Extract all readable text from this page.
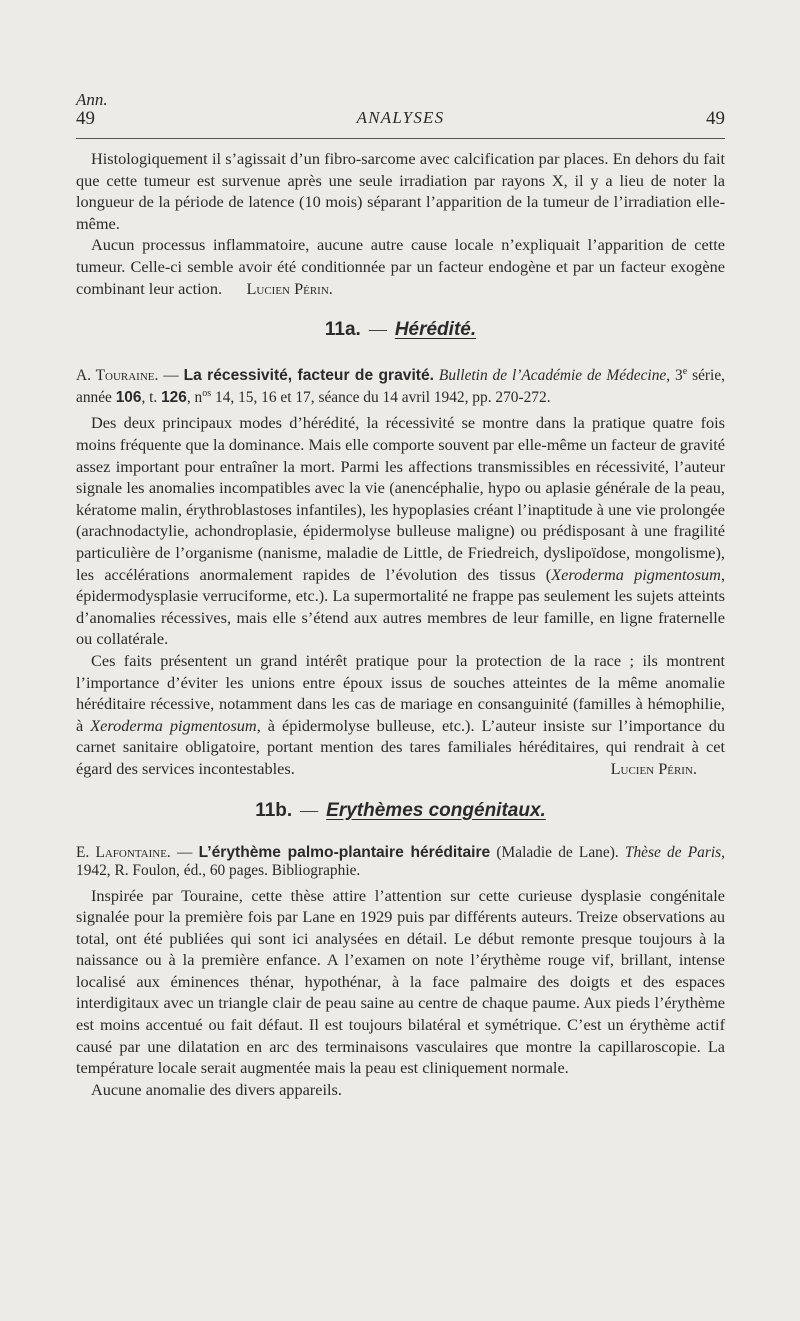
Ann.
49	ANALYSES	49

Histologiquement il s’agissait d’un fibro-sarcome avec calcification par places. En dehors du fait que cette tumeur est survenue après une seule irradiation par rayons X, il y a lieu de noter la longueur de la période de latence (10 mois) séparant l’apparition de la tumeur de l’irradiation elle-même.

Aucun processus inflammatoire, aucune autre cause locale n’expliquait l’apparition de cette tumeur. Celle-ci semble avoir été conditionnée par un facteur endogène et par un facteur exogène combinant leur action. Lucien Périn.

11a. — Hérédité.

A. Touraine. — La récessivité, facteur de gravité. Bulletin de l’Académie de Médecine, 3e série, année 106, t. 126, $n^{os}$ 14, 15, 16 et 17, séance du 14 avril 1942, pp. 270-272.

Des deux principaux modes d’hérédité, la récessivité se montre dans la pratique quatre fois moins fréquente que la dominance. Mais elle comporte souvent par elle-même un facteur de gravité assez important pour entraîner la mort. Parmi les affections transmissibles en récessivité, l’auteur signale les anomalies incompatibles avec la vie (anencéphalie, hypo ou aplasie générale de la peau, kératome malin, érythroblastoses infantiles), les hypoplasies créant l’inaptitude à une vie prolongée (arachnodactylie, achondroplasie, épidermolyse bulleuse maligne) ou prédisposant à une fragilité particulière de l’organisme (nanisme, maladie de Little, de Friedreich, dyslipoïdose, mongolisme), les accélérations anormalement rapides de l’évolution des tissus (Xeroderma pigmentosum, épidermodysplasie verruciforme, etc.). La supermortalité ne frappe pas seulement les sujets atteints d’anomalies récessives, mais elle s’étend aux autres membres de leur famille, en ligne fraternelle ou collatérale.

Ces faits présentent un grand intérêt pratique pour la protection de la race ; ils montrent l’importance d’éviter les unions entre époux issus de souches atteintes de la même anomalie héréditaire récessive, notamment dans les cas de mariage en consanguinité (familles à hémophilie, à Xeroderma pigmentosum, à épidermolyse bulleuse, etc.). L’auteur insiste sur l’importance du carnet sanitaire obligatoire, portant mention des tares familiales héréditaires, qui rendrait à cet égard des services incontestables.	Lucien Périn.

11b. — Erythèmes congénitaux.

E. Lafontaine. — L’érythème palmo-plantaire héréditaire (Maladie de Lane). Thèse de Paris, 1942, R. Foulon, éd., 60 pages. Bibliographie.

Inspirée par Touraine, cette thèse attire l’attention sur cette curieuse dysplasie congénitale signalée pour la première fois par Lane en 1929 puis par différents auteurs. Treize observations au total, ont été publiées qui sont ici analysées en détail. Le début remonte presque toujours à la naissance ou à la première enfance. A l’examen on note l’érythème rouge vif, brillant, intense localisé aux éminences thénar, hypothénar, à la face palmaire des doigts et des espaces interdigitaux avec un triangle clair de peau saine au centre de chaque paume. Aux pieds l’érythème est moins accentué ou fait défaut. Il est toujours bilatéral et symétrique. C’est un érythème actif causé par une dilatation en arc des terminaisons vasculaires que montre la capillaroscopie. La température locale serait augmentée mais la peau est cliniquement normale.

Aucune anomalie des divers appareils.
